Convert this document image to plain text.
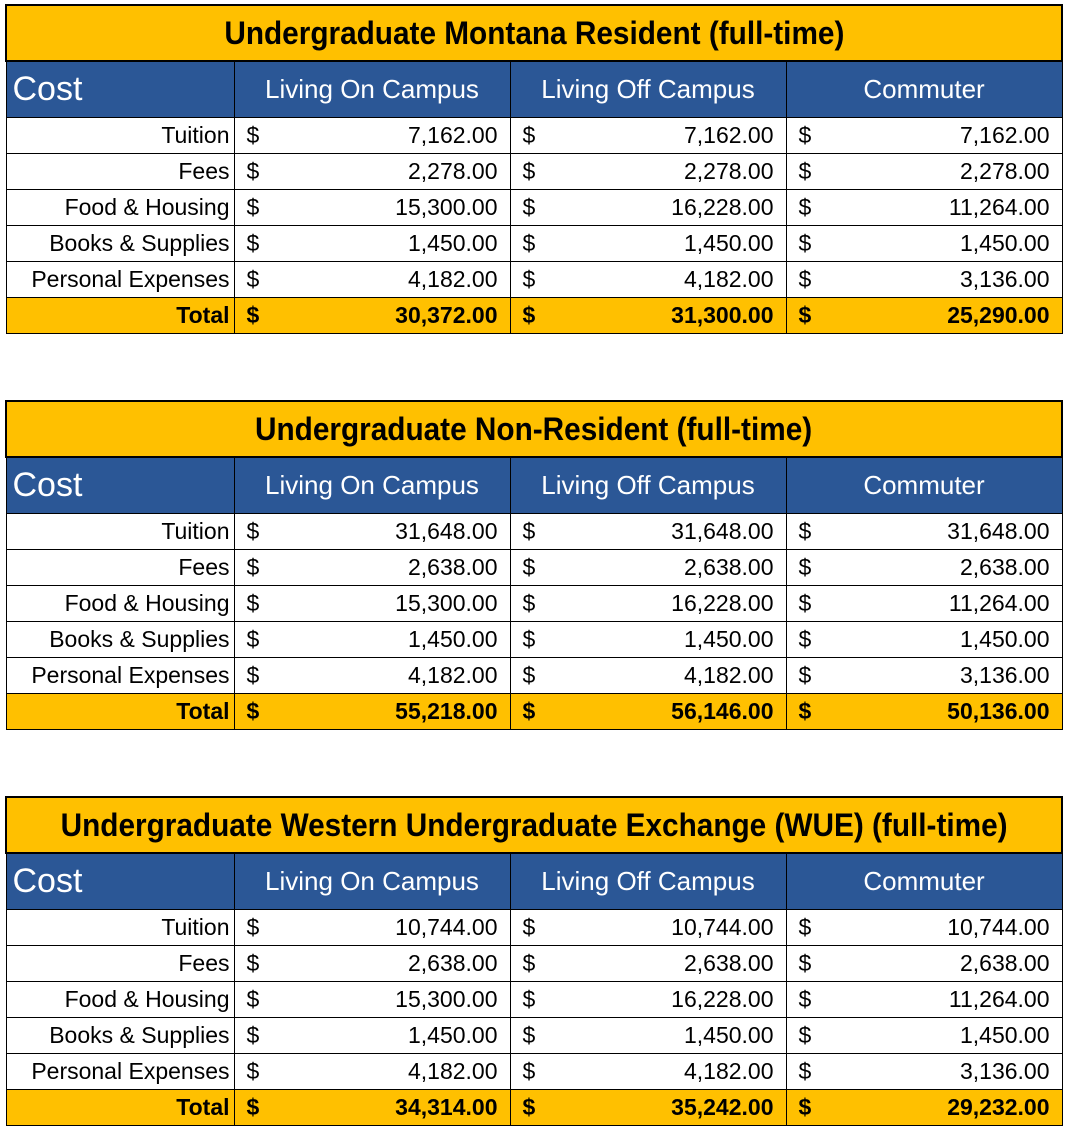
Undergraduate Montana Resident (full-time)			
Cost	Living On Campus	Living Off Campus	Commuter
Tuition	$ 7,162.00	$ 7,162.00	$ 7,162.00

Fees	$ 2,278.00	$ 2,278.00	$ 2,278.00

Food & Housing	$ 15,300.00	$ 16,228.00	$ 11,264.00

Books & Supplies	$ 1,450.00	$ 1,450.00	$ 1,450.00

Personal Expenses	$ 4,182.00	$ 4,182.00	$ 3,136.00

Total	$ 30,372.00	$ 31,300.00	$ 25,290.00
Undergraduate Non-Resident (full-time)			
Cost	Living On Campus	Living Off Campus	Commuter
Tuition	$ 31,648.00	$ 31,648.00	$ 31,648.00

Fees	$ 2,638.00	$ 2,638.00	$ 2,638.00

Food & Housing	$ 15,300.00	$ 16,228.00	$ 11,264.00

Books & Supplies	$ 1,450.00	$ 1,450.00	$ 1,450.00

Personal Expenses	$ 4,182.00	$ 4,182.00	$ 3,136.00

Total	$ 55,218.00	$ 56,146.00	$ 50,136.00
Undergraduate Western Undergraduate Exchange (WUE) (full-time)			
Cost	Living On Campus	Living Off Campus	Commuter
Tuition	$ 10,744.00	$ 10,744.00	$ 10,744.00

Fees	$ 2,638.00	$ 2,638.00	$ 2,638.00

Food & Housing	$ 15,300.00	$ 16,228.00	$ 11,264.00

Books & Supplies	$ 1,450.00	$ 1,450.00	$ 1,450.00

Personal Expenses	$ 4,182.00	$ 4,182.00	$ 3,136.00

Total	$ 34,314.00	$ 35,242.00	$ 29,232.00
